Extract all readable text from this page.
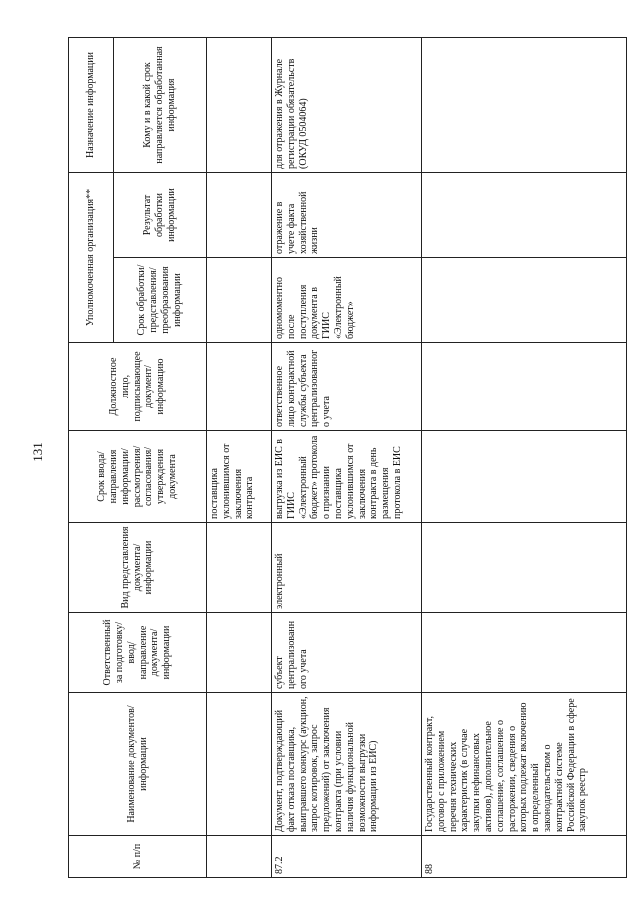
131
№ п/п	Наименование документов/информации	Ответственный за подготовку/ ввод/ направление документа/ информации	Вид представления документа/ информации	Срок ввода/ направления информации/ рассмотрения/ согласования/ утверждения документа	Должностное лицо, подписывающее документ/ информацию	Уполномоченная организация**		Назначение информации
						Срок обработки/ представления/ преобразования информации	Результат обработки информации	Кому и в какой срок направляется обработанная информация
				поставщика уклонившимся от заключения контракта				
87.2	Документ, подтверждающий факт отказа поставщика, выигравшего конкурс (аукцион, запрос котировок, запрос предложений) от заключения контракта (при условии наличия функциональной возможности выгрузки информации из ЕИС)	субъект централизованного учета	электронный	выгрузка из ЕИС в ГИИС «Электронный бюджет» протокола о признании поставщика уклонившимся от заключения контракта в день размещения протокола в ЕИС	ответственное лицо контрактной службы субъекта централизованного учета	одномоментно после поступления документа в ГИИС «Электронный бюджет»	отражение в учете факта хозяйственной жизни	для отражения в Журнале регистрации обязательств (ОКУД 0504064)
88	Государственный контракт, договор с приложением перечня технических характеристик (в случае закупки нефинансовых активов), дополнительное соглашение, соглашение о расторжении, сведения о которых подлежат включению в определенный законодательством о контрактной системе Российской Федерации в сфере закупок реестр							
